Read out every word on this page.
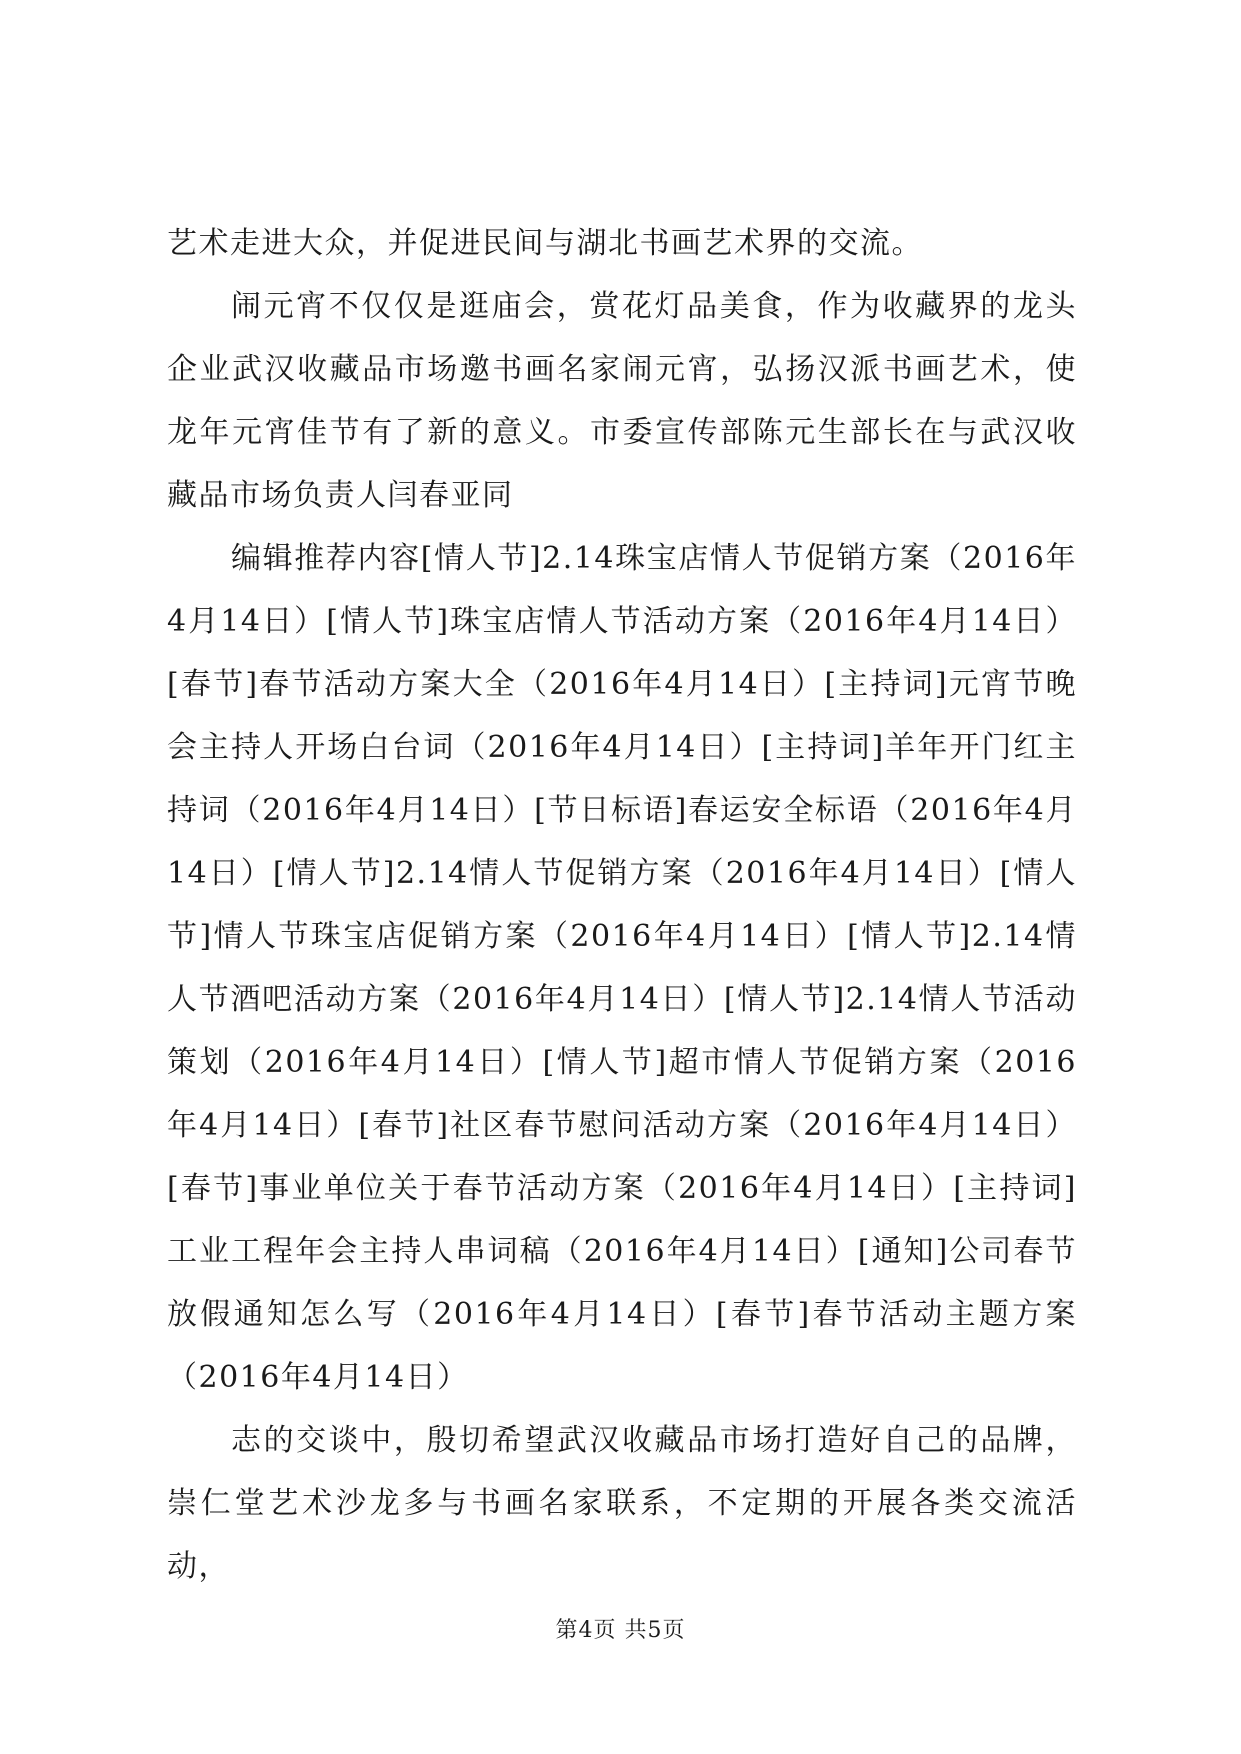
艺术走进大众，并促进民间与湖北书画艺术界的交流。

闹元宵不仅仅是逛庙会，赏花灯品美食，作为收藏界的龙头企业武汉收藏品市场邀书画名家闹元宵，弘扬汉派书画艺术，使龙年元宵佳节有了新的意义。市委宣传部陈元生部长在与武汉收藏品市场负责人闫春亚同

编辑推荐内容[情人节]2.14珠宝店情人节促销方案（2016年4月14日）[情人节]珠宝店情人节活动方案（2016年4月14日）[春节]春节活动方案大全（2016年4月14日）[主持词]元宵节晚会主持人开场白台词（2016年4月14日）[主持词]羊年开门红主持词（2016年4月14日）[节日标语]春运安全标语（2016年4月14日）[情人节]2.14情人节促销方案（2016年4月14日）[情人节]情人节珠宝店促销方案（2016年4月14日）[情人节]2.14情人节酒吧活动方案（2016年4月14日）[情人节]2.14情人节活动策划（2016年4月14日）[情人节]超市情人节促销方案（2016年4月14日）[春节]社区春节慰问活动方案（2016年4月14日）[春节]事业单位关于春节活动方案（2016年4月14日）[主持词]工业工程年会主持人串词稿（2016年4月14日）[通知]公司春节放假通知怎么写（2016年4月14日）[春节]春节活动主题方案（2016年4月14日）

志的交谈中，殷切希望武汉收藏品市场打造好自己的品牌，崇仁堂艺术沙龙多与书画名家联系，不定期的开展各类交流活动，

第4页 共5页
